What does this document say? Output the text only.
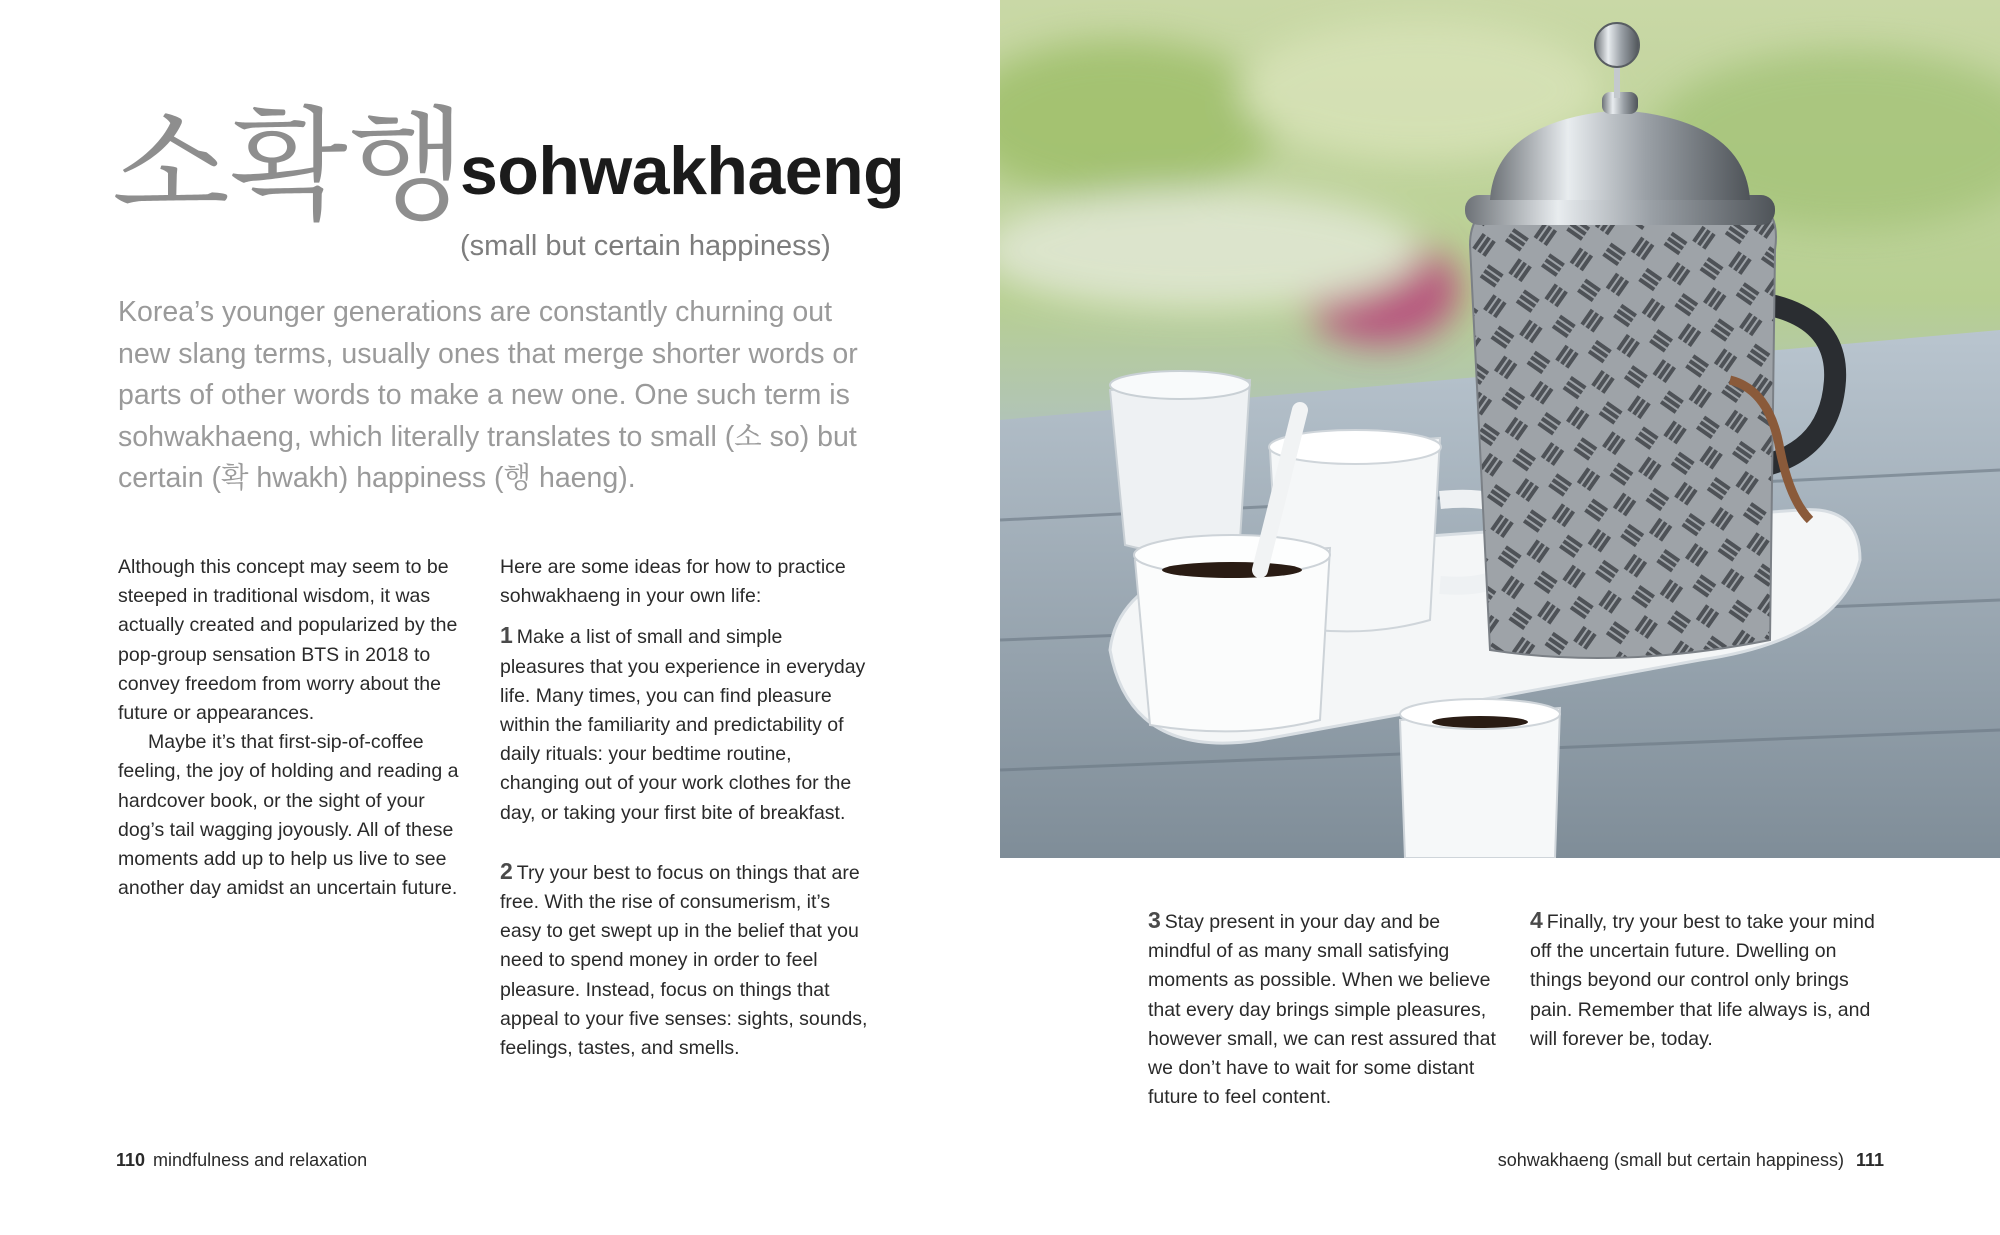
소확행
sohwakhaeng
(small but certain happiness)

Korea’s younger generations are constantly churning out new slang terms, usually ones that merge shorter words or parts of other words to make a new one. One such term is sohwakhaeng, which literally translates to small (소 so) but certain (확 hwakh) happiness (행 haeng).

Although this concept may seem to be steeped in traditional wisdom, it was actually created and popularized by the pop-group sensation BTS in 2018 to convey freedom from worry about the future or appearances.

Maybe it’s that first-sip-of-coffee feeling, the joy of holding and reading a hardcover book, or the sight of your dog’s tail wagging joyously. All of these moments add up to help us live to see another day amidst an uncertain future.

Here are some ideas for how to practice sohwakhaeng in your own life:

1 Make a list of small and simple pleasures that you experience in everyday life. Many times, you can find pleasure within the familiarity and predictability of daily rituals: your bedtime routine, changing out of your work clothes for the day, or taking your first bite of breakfast.

2 Try your best to focus on things that are free. With the rise of consumerism, it’s easy to get swept up in the belief that you need to spend money in order to feel pleasure. Instead, focus on things that appeal to your five senses: sights, sounds, feelings, tastes, and smells.

110 mindfulness and relaxation	sohwakhaeng (small but certain happiness) 111

3 Stay present in your day and be mindful of as many small satisfying moments as possible. When we believe that every day brings simple pleasures, however small, we can rest assured that we don’t have to wait for some distant future to feel content.

4 Finally, try your best to take your mind off the uncertain future. Dwelling on things beyond our control only brings pain. Remember that life always is, and will forever be, today.
